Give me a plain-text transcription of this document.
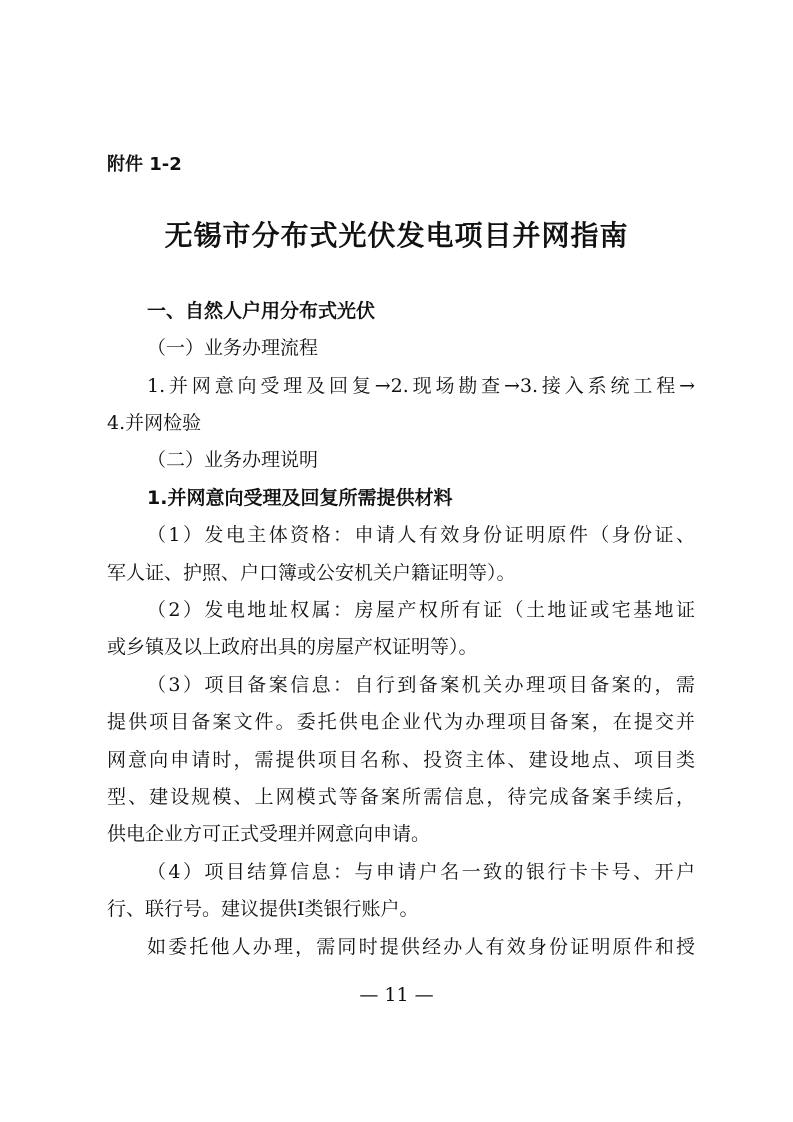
附件 1-2
无锡市分布式光伏发电项目并网指南
一、自然人户用分布式光伏
（一）业务办理流程
1.并网意向受理及回复→2.现场勘查→3.接入系统工程→
4.并网检验
（二）业务办理说明
1.并网意向受理及回复所需提供材料
（1）发电主体资格：申请人有效身份证明原件（身份证、
军人证、护照、户口簿或公安机关户籍证明等）。
（2）发电地址权属：房屋产权所有证（土地证或宅基地证
或乡镇及以上政府出具的房屋产权证明等）。
（3）项目备案信息：自行到备案机关办理项目备案的，需
提供项目备案文件。委托供电企业代为办理项目备案，在提交并
网意向申请时，需提供项目名称、投资主体、建设地点、项目类
型、建设规模、上网模式等备案所需信息，待完成备案手续后，
供电企业方可正式受理并网意向申请。
（4）项目结算信息：与申请户名一致的银行卡卡号、开户
行、联行号。建议提供Ⅰ类银行账户。
如委托他人办理，需同时提供经办人有效身份证明原件和授
— 11 —
